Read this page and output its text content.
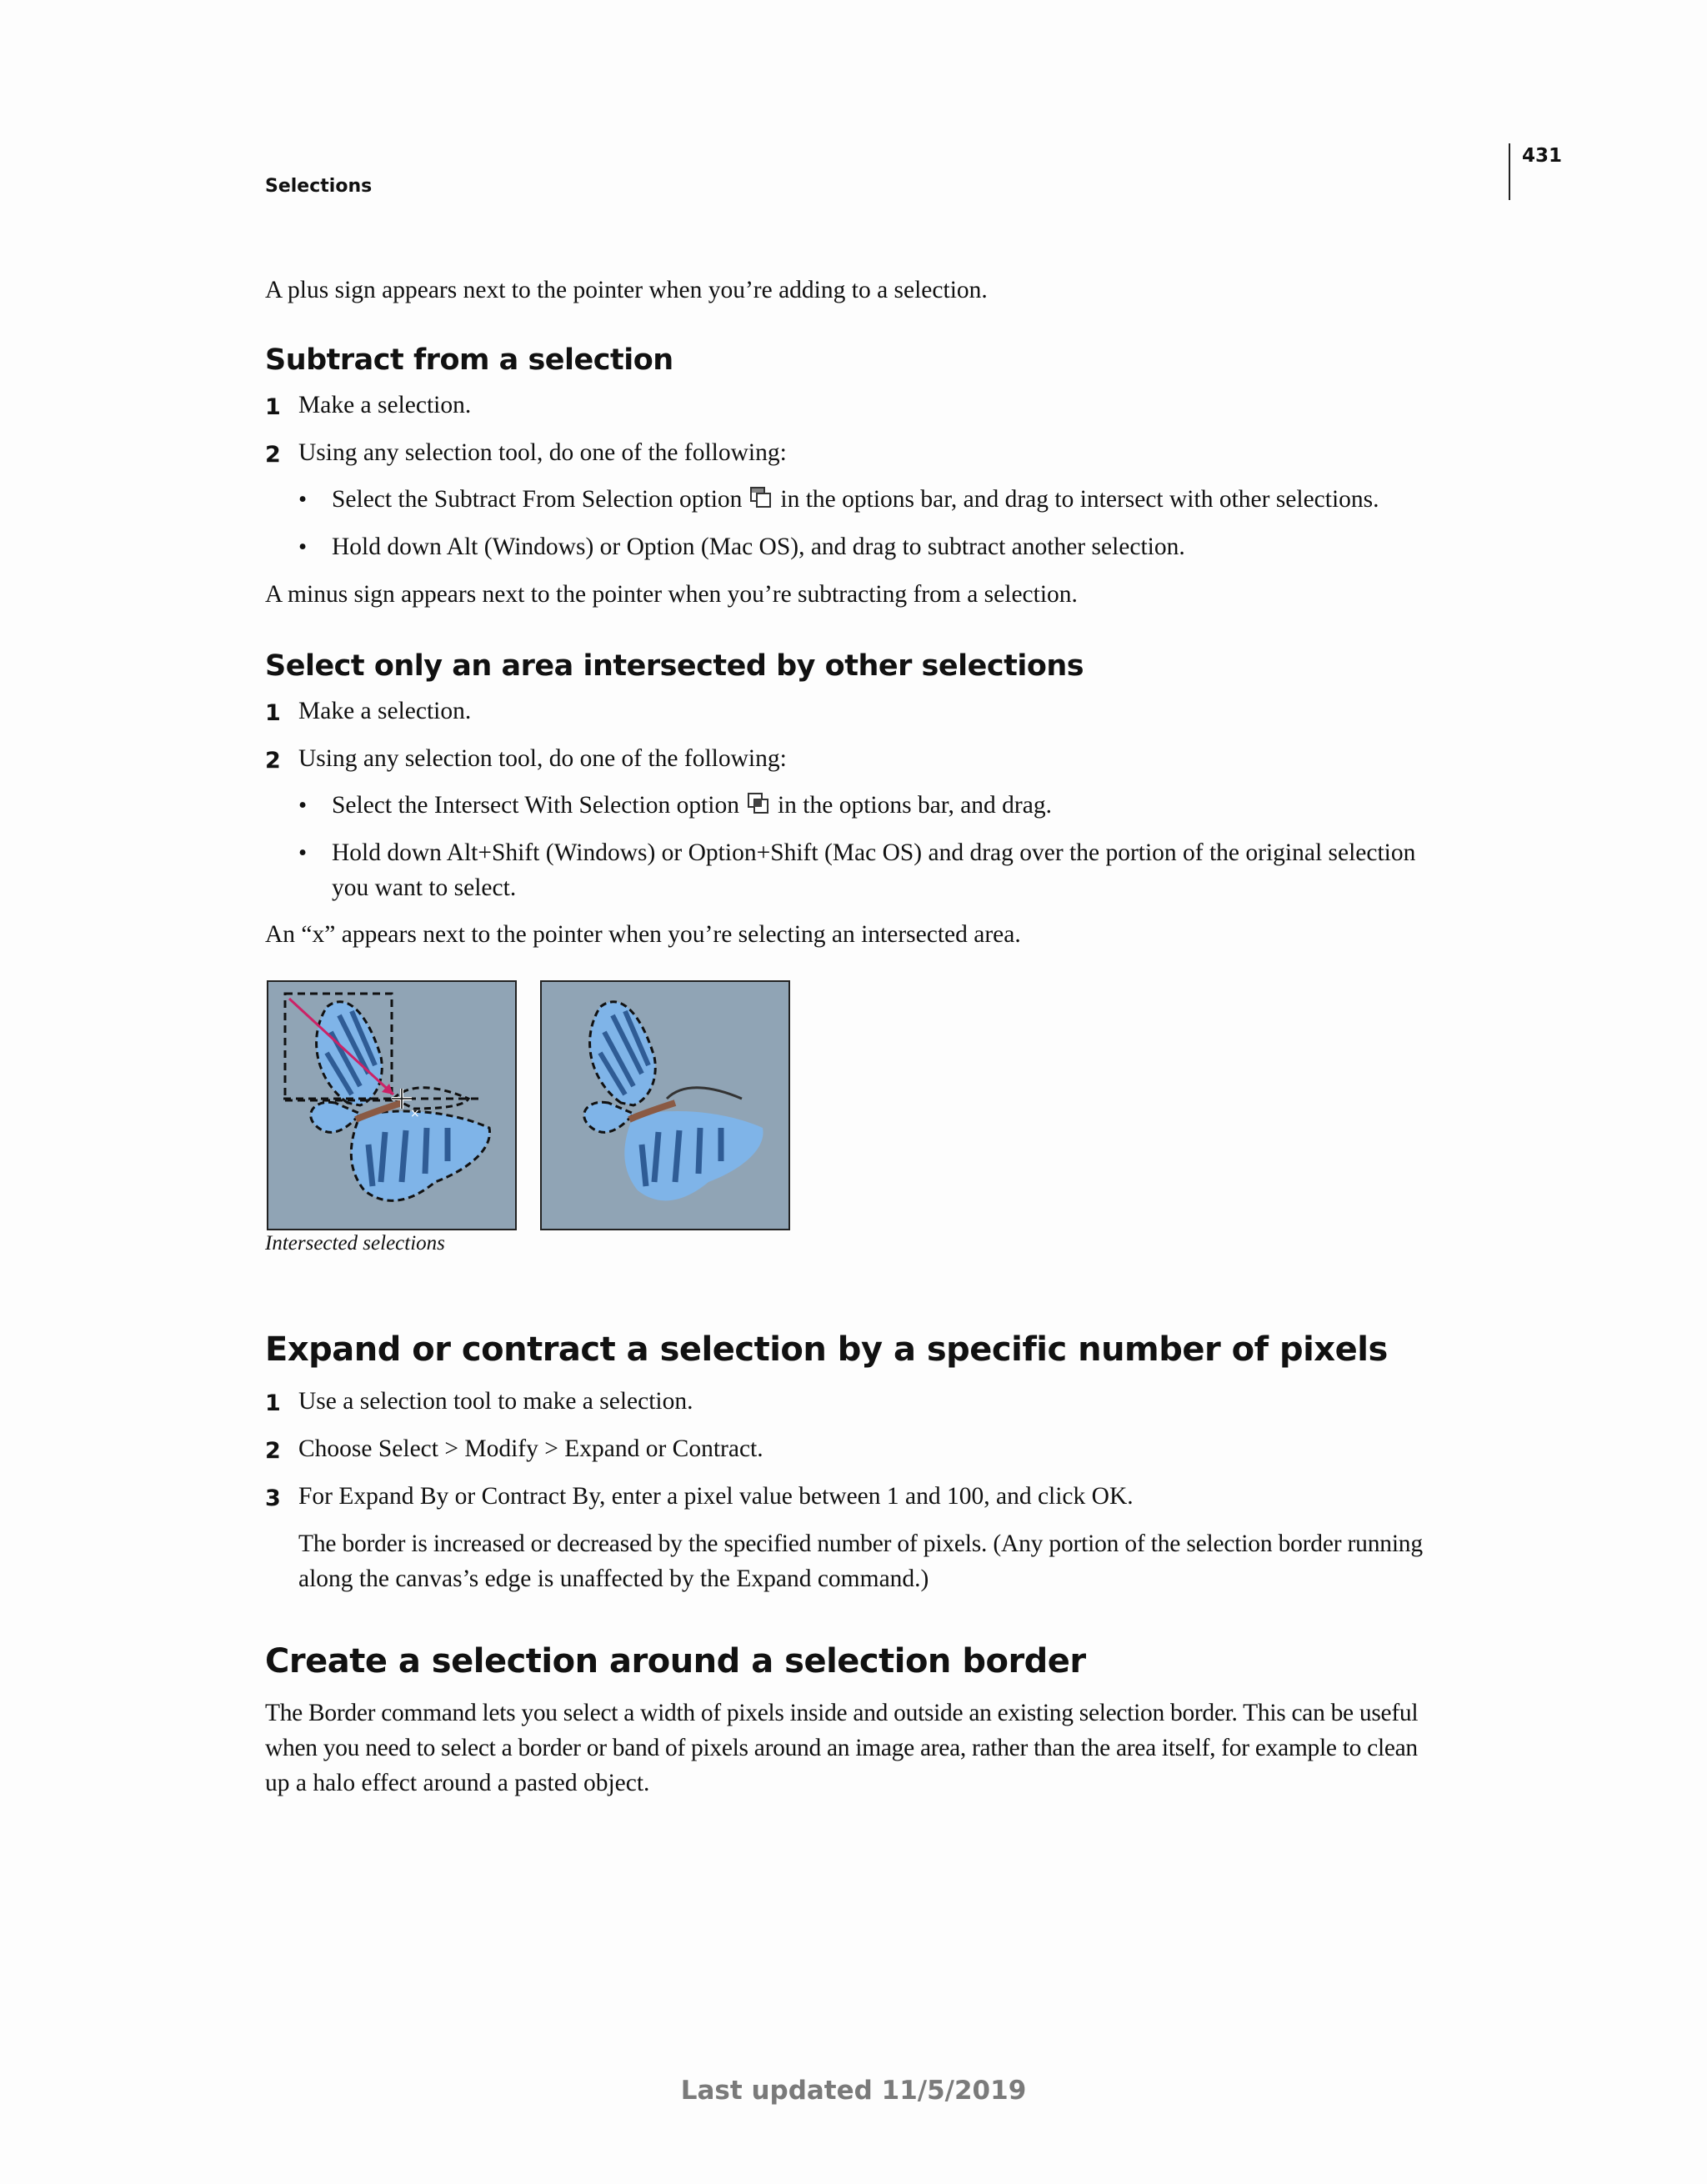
431
Selections
A plus sign appears next to the pointer when you’re adding to a selection.
Subtract from a selection
1 Make a selection.
2 Using any selection tool, do one of the following:
• Select the Subtract From Selection option in the options bar, and drag to intersect with other selections.
• Hold down Alt (Windows) or Option (Mac OS), and drag to subtract another selection.
A minus sign appears next to the pointer when you’re subtracting from a selection.
Select only an area intersected by other selections
1 Make a selection.
2 Using any selection tool, do one of the following:
• Select the Intersect With Selection option in the options bar, and drag.
• Hold down Alt+Shift (Windows) or Option+Shift (Mac OS) and drag over the portion of the original selection
you want to select.
An “x” appears next to the pointer when you’re selecting an intersected area.
×
Intersected selections
Expand or contract a selection by a specific number of pixels
1 Use a selection tool to make a selection.
2 Choose Select > Modify > Expand or Contract.
3 For Expand By or Contract By, enter a pixel value between 1 and 100, and click OK.
The border is increased or decreased by the specified number of pixels. (Any portion of the selection border running
along the canvas’s edge is unaffected by the Expand command.)
Create a selection around a selection border
The Border command lets you select a width of pixels inside and outside an existing selection border. This can be useful
when you need to select a border or band of pixels around an image area, rather than the area itself, for example to clean
up a halo effect around a pasted object.
Last updated 11/5/2019
